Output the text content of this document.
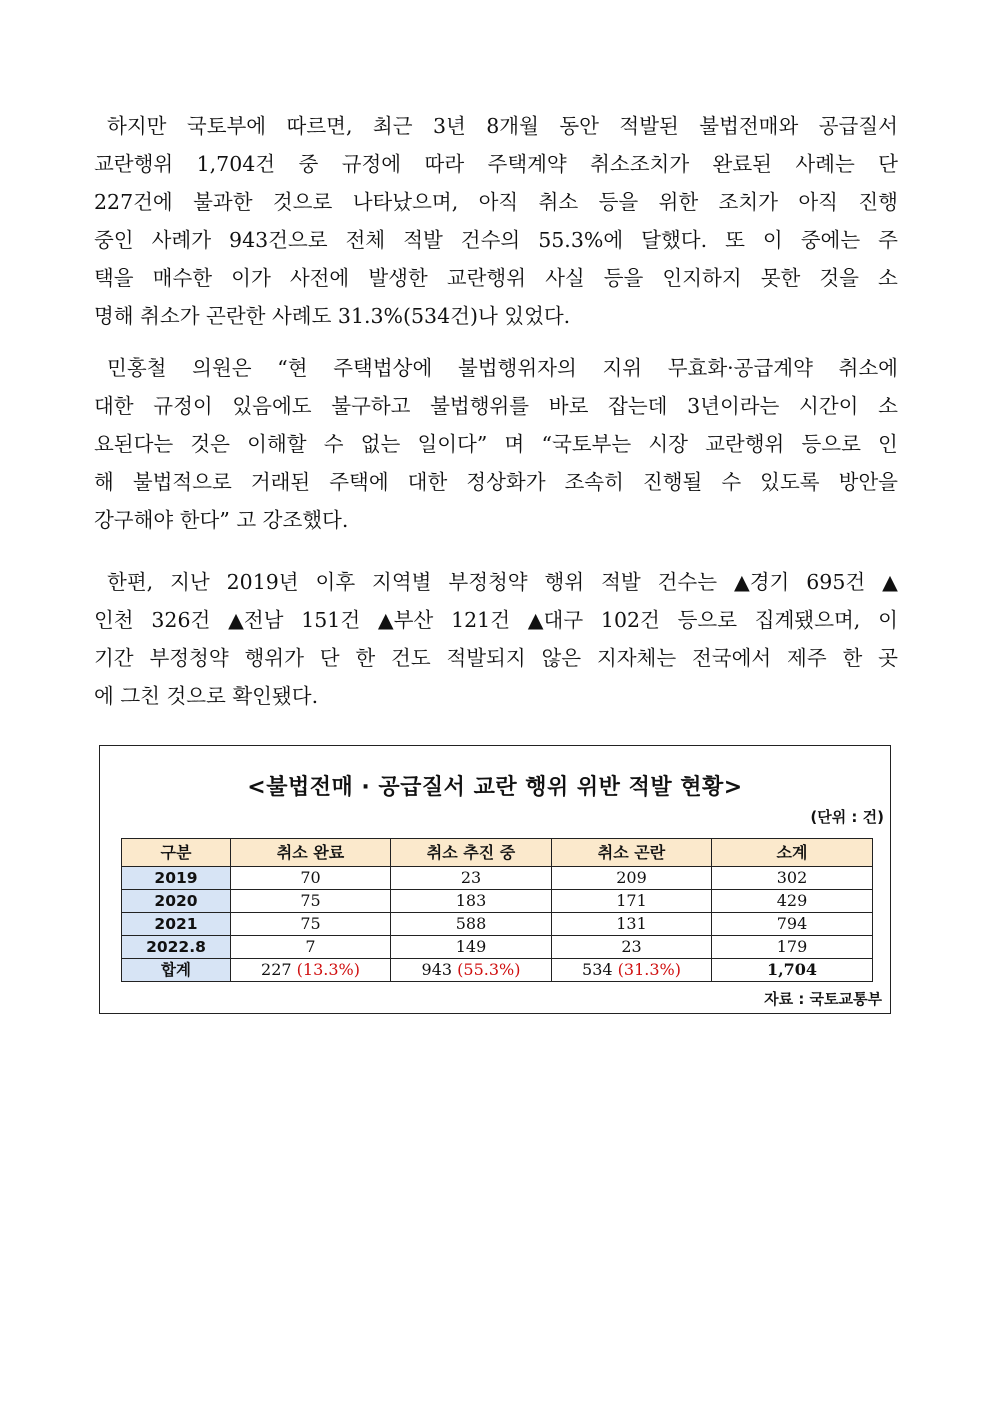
하지만 국토부에 따르면, 최근 3년 8개월 동안 적발된 불법전매와 공급질서
교란행위 1,704건 중 규정에 따라 주택계약 취소조치가 완료된 사례는 단
227건에 불과한 것으로 나타났으며, 아직 취소 등을 위한 조치가 아직 진행
중인 사례가 943건으로 전체 적발 건수의 55.3%에 달했다. 또 이 중에는 주
택을 매수한 이가 사전에 발생한 교란행위 사실 등을 인지하지 못한 것을 소
명해 취소가 곤란한 사례도 31.3%(534건)나 있었다.
민홍철 의원은 “현 주택법상에 불법행위자의 지위 무효화·공급계약 취소에
대한 규정이 있음에도 불구하고 불법행위를 바로 잡는데 3년이라는 시간이 소
요된다는 것은 이해할 수 없는 일이다” 며 “국토부는 시장 교란행위 등으로 인
해 불법적으로 거래된 주택에 대한 정상화가 조속히 진행될 수 있도록 방안을
강구해야 한다” 고 강조했다.
한편, 지난 2019년 이후 지역별 부정청약 행위 적발 건수는 ▲경기 695건 ▲
인천 326건 ▲전남 151건 ▲부산 121건 ▲대구 102건 등으로 집계됐으며, 이
기간 부정청약 행위가 단 한 건도 적발되지 않은 지자체는 전국에서 제주 한 곳
에 그친 것으로 확인됐다.
<불법전매 · 공급질서 교란 행위 위반 적발 현황>
(단위 : 건)
구분	취소 완료	취소 추진 중	취소 곤란	소계
2019	70	23	209	302
2020	75	183	171	429
2021	75	588	131	794
2022.8	7	149	23	179
합계	227 (13.3%)	943 (55.3%)	534 (31.3%)	1,704
자료 : 국토교통부
